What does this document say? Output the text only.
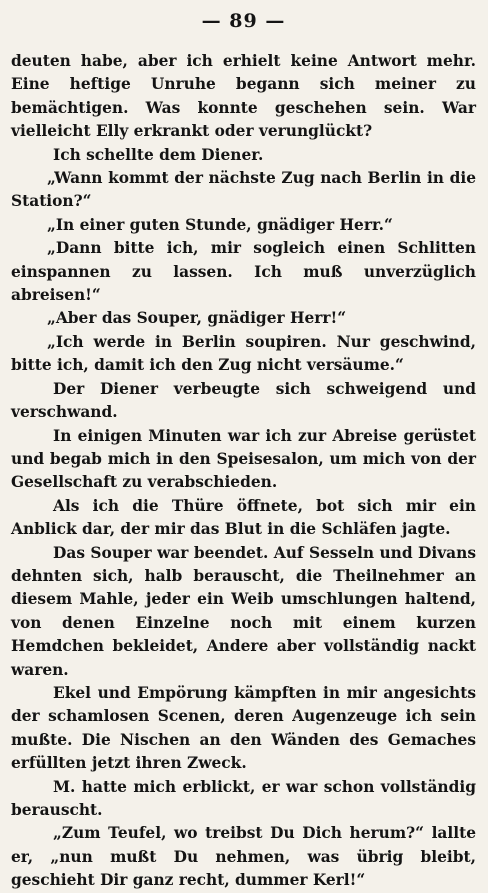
— 89 —

deuten habe, aber ich erhielt keine Antwort mehr. Eine heftige Unruhe begann sich meiner zu bemächtigen. Was konnte geschehen sein. War vielleicht Elly erkrankt oder verunglückt?

Ich schellte dem Diener.

„Wann kommt der nächste Zug nach Berlin in die Station?“

„In einer guten Stunde, gnädiger Herr.“

„Dann bitte ich, mir sogleich einen Schlitten einspannen zu lassen. Ich muß unverzüglich abreisen!“

„Aber das Souper, gnädiger Herr!“

„Ich werde in Berlin soupiren. Nur geschwind, bitte ich, damit ich den Zug nicht versäume.“

Der Diener verbeugte sich schweigend und verschwand.

In einigen Minuten war ich zur Abreise gerüstet und begab mich in den Speisesalon, um mich von der Gesellschaft zu verabschieden.

Als ich die Thüre öffnete, bot sich mir ein Anblick dar, der mir das Blut in die Schläfen jagte.

Das Souper war beendet. Auf Sesseln und Divans dehnten sich, halb berauscht, die Theilnehmer an diesem Mahle, jeder ein Weib umschlungen haltend, von denen Einzelne noch mit einem kurzen Hemdchen bekleidet, Andere aber vollständig nackt waren.

Ekel und Empörung kämpften in mir angesichts der schamlosen Scenen, deren Augenzeuge ich sein mußte. Die Nischen an den Wänden des Gemaches erfüllten jetzt ihren Zweck.

M. hatte mich erblickt, er war schon vollständig berauscht.

„Zum Teufel, wo treibst Du Dich herum?“ lallte er, „nun mußt Du nehmen, was übrig bleibt, geschieht Dir ganz recht, dummer Kerl!“
